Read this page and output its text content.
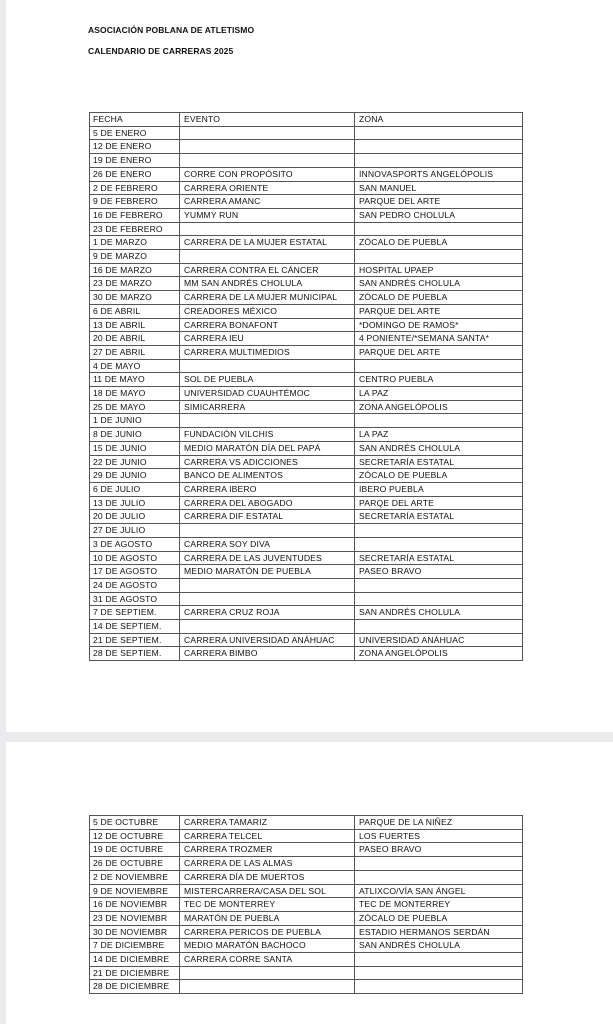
ASOCIACIÓN POBLANA DE ATLETISMO
CALENDARIO DE CARRERAS 2025
FECHA	EVENTO	ZONA
5 DE ENERO		
12 DE ENERO		
19 DE ENERO		
26 DE ENERO	CORRE CON PROPÓSITO	INNOVASPORTS ANGELÓPOLIS
2 DE FEBRERO	CARRERA ORIENTE	SAN MANUEL
9 DE FEBRERO	CARRERA AMANC	PARQUE DEL ARTE
16 DE FEBRERO	YUMMY RUN	SAN PEDRO CHOLULA
23 DE FEBRERO		
1 DE MARZO	CARRERA DE LA MUJER ESTATAL	ZÓCALO DE PUEBLA
9 DE MARZO		
16 DE MARZO	CARRERA CONTRA EL CÁNCER	HOSPITAL UPAEP
23 DE MARZO	MM SAN ANDRÉS CHOLULA	SAN ANDRÉS CHOLULA
30 DE MARZO	CARRERA DE LA MUJER MUNICIPAL	ZÓCALO DE PUEBLA
6 DE ABRIL	CREADORES MÉXICO	PARQUE DEL ARTE
13 DE ABRIL	CARRERA BONAFONT	*DOMINGO DE RAMOS*
20 DE ABRIL	CARRERA IEU	4 PONIENTE/*SEMANA SANTA*
27 DE ABRIL	CARRERA MULTIMEDIOS	PARQUE DEL ARTE
4 DE MAYO		
11 DE MAYO	SOL DE PUEBLA	CENTRO PUEBLA
18 DE MAYO	UNIVERSIDAD CUAUHTÉMOC	LA PAZ
25 DE MAYO	SIMICARRERA	ZONA ANGELÓPOLIS
1 DE JUNIO		
8 DE JUNIO	FUNDACIÓN VILCHIS	LA PAZ
15 DE JUNIO	MEDIO MARATÓN DÍA DEL PAPÁ	SAN ANDRÉS CHOLULA
22 DE JUNIO	CARRERA VS ADICCIONES	SECRETARÍA ESTATAL
29 DE JUNIO	BANCO DE ALIMENTOS	ZÓCALO DE PUEBLA
6 DE JULIO	CARRERA IBERO	IBERO PUEBLA
13 DE JULIO	CARRERA DEL ABOGADO	PARQE DEL ARTE
20 DE JULIO	CARRERA DIF ESTATAL	SECRETARÍA ESTATAL
27 DE JULIO		
3 DE AGOSTO	CARRERA SOY DIVA	
10 DE AGOSTO	CARRERA DE LAS JUVENTUDES	SECRETARÍA ESTATAL
17 DE AGOSTO	MEDIO MARATÓN DE PUEBLA	PASEO BRAVO
24 DE AGOSTO		
31 DE AGOSTO		
7 DE SEPTIEM.	CARRERA CRUZ ROJA	SAN ANDRÉS CHOLULA
14 DE SEPTIEM.		
21 DE SEPTIEM.	CARRERA UNIVERSIDAD ANÁHUAC	UNIVERSIDAD ANÁHUAC
28 DE SEPTIEM.	CARRERA BIMBO	ZONA ANGELÓPOLIS
5 DE OCTUBRE	CARRERA TAMARIZ	PARQUE DE LA NIÑEZ
12 DE OCTUBRE	CARRERA TELCEL	LOS FUERTES
19 DE OCTUBRE	CARRERA TROZMER	PASEO BRAVO
26 DE OCTUBRE	CARRERA DE LAS ALMAS	
2 DE NOVIEMBRE	CARRERA DÍA DE MUERTOS	
9 DE NOVIEMBRE	MISTERCARRERA/CASA DEL SOL	ATLIXCO/VÍA SAN ÁNGEL
16 DE NOVIEMBR	TEC DE MONTERREY	TEC DE MONTERREY
23 DE NOVIEMBR	MARATÓN DE PUEBLA	ZÓCALO DE PUEBLA
30 DE NOVIEMBR	CARRERA PERICOS DE PUEBLA	ESTADIO HERMANOS SERDÁN
7 DE DICIEMBRE	MEDIO MARATÓN BACHOCO	SAN ANDRÉS CHOLULA
14 DE DICIEMBRE	CARRERA CORRE SANTA	
21 DE DICIEMBRE		
28 DE DICIEMBRE		
